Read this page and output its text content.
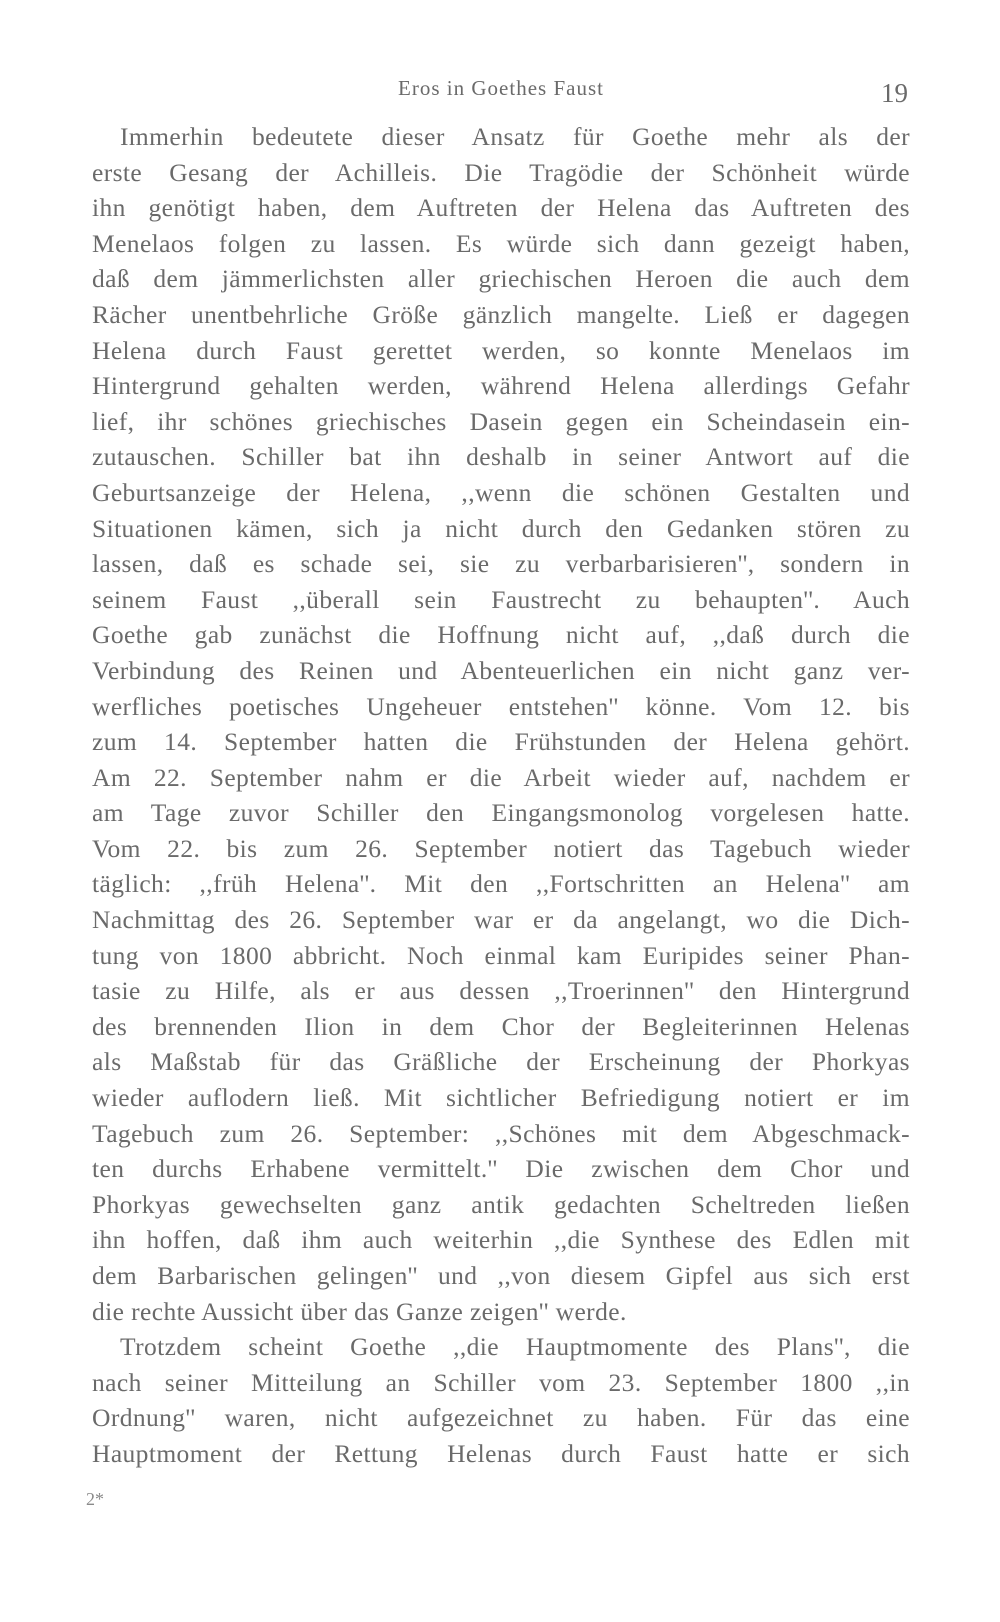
Eros in Goethes Faust	19
Immerhin bedeutete dieser Ansatz für Goethe mehr als der
erste Gesang der Achilleis. Die Tragödie der Schönheit würde
ihn genötigt haben, dem Auftreten der Helena das Auftreten des
Menelaos folgen zu lassen. Es würde sich dann gezeigt haben,
daß dem jämmerlichsten aller griechischen Heroen die auch dem
Rächer unentbehrliche Größe gänzlich mangelte. Ließ er dagegen
Helena durch Faust gerettet werden, so konnte Menelaos im
Hintergrund gehalten werden, während Helena allerdings Gefahr
lief, ihr schönes griechisches Dasein gegen ein Scheindasein ein-
zutauschen. Schiller bat ihn deshalb in seiner Antwort auf die
Geburtsanzeige der Helena, ,,wenn die schönen Gestalten und
Situationen kämen, sich ja nicht durch den Gedanken stören zu
lassen, daß es schade sei, sie zu verbarbarisieren'', sondern in
seinem Faust ,,überall sein Faustrecht zu behaupten''. Auch
Goethe gab zunächst die Hoffnung nicht auf, ,,daß durch die
Verbindung des Reinen und Abenteuerlichen ein nicht ganz ver-
werfliches poetisches Ungeheuer entstehen'' könne. Vom 12. bis
zum 14. September hatten die Frühstunden der Helena gehört.
Am 22. September nahm er die Arbeit wieder auf, nachdem er
am Tage zuvor Schiller den Eingangsmonolog vorgelesen hatte.
Vom 22. bis zum 26. September notiert das Tagebuch wieder
täglich: ,,früh Helena''. Mit den ,,Fortschritten an Helena'' am
Nachmittag des 26. September war er da angelangt, wo die Dich-
tung von 1800 abbricht. Noch einmal kam Euripides seiner Phan-
tasie zu Hilfe, als er aus dessen ,,Troerinnen'' den Hintergrund
des brennenden Ilion in dem Chor der Begleiterinnen Helenas
als Maßstab für das Gräßliche der Erscheinung der Phorkyas
wieder auflodern ließ. Mit sichtlicher Befriedigung notiert er im
Tagebuch zum 26. September: ,,Schönes mit dem Abgeschmack-
ten durchs Erhabene vermittelt.'' Die zwischen dem Chor und
Phorkyas gewechselten ganz antik gedachten Scheltreden ließen
ihn hoffen, daß ihm auch weiterhin ,,die Synthese des Edlen mit
dem Barbarischen gelingen'' und ,,von diesem Gipfel aus sich erst
die rechte Aussicht über das Ganze zeigen'' werde.
Trotzdem scheint Goethe ,,die Hauptmomente des Plans'', die
nach seiner Mitteilung an Schiller vom 23. September 1800 ,,in
Ordnung'' waren, nicht aufgezeichnet zu haben. Für das eine
Hauptmoment der Rettung Helenas durch Faust hatte er sich
2*
